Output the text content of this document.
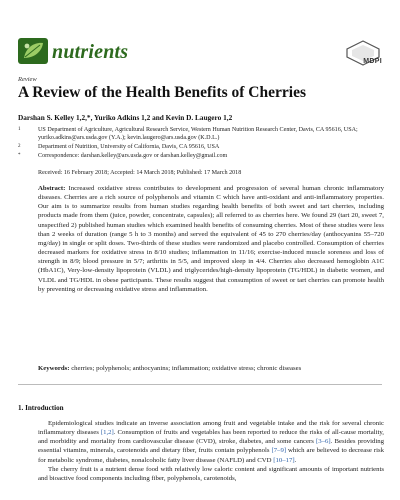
nutrients	MDPI
Review
A Review of the Health Benefits of Cherries
Darshan S. Kelley 1,2,*, Yuriko Adkins 1,2 and Kevin D. Laugero 1,2
1	US Department of Agriculture, Agricultural Research Service, Western Human Nutrition Research Center, Davis, CA 95616, USA; yuriko.adkins@ars.usda.gov (Y.A.); kevin.laugero@ars.usda.gov (K.D.L.)
2	Department of Nutrition, University of California, Davis, CA 95616, USA
*	Correspondence: darshan.kelley@ars.usda.gov or darshan.kelley@gmail.com
Received: 16 February 2018; Accepted: 14 March 2018; Published: 17 March 2018
Abstract: Increased oxidative stress contributes to development and progression of several human chronic inflammatory diseases. Cherries are a rich source of polyphenols and vitamin C which have anti-oxidant and anti-inflammatory properties. Our aim is to summarize results from human studies regarding health benefits of both sweet and tart cherries, including products made from them (juice, powder, concentrate, capsules); all referred to as cherries here. We found 29 (tart 20, sweet 7, unspecified 2) published human studies which examined health benefits of consuming cherries. Most of these studies were less than 2 weeks of duration (range 5 h to 3 months) and served the equivalent of 45 to 270 cherries/day (anthocyanins 55–720 mg/day) in single or split doses. Two-thirds of these studies were randomized and placebo controlled. Consumption of cherries decreased markers for oxidative stress in 8/10 studies; inflammation in 11/16; exercise-induced muscle soreness and loss of strength in 8/9; blood pressure in 5/7; arthritis in 5/5, and improved sleep in 4/4. Cherries also decreased hemoglobin A1C (HbA1C), Very-low-density lipoprotein (VLDL) and triglycerides/high-density lipoprotein (TG/HDL) in diabetic women, and VLDL and TG/HDL in obese participants. These results suggest that consumption of sweet or tart cherries can promote health by preventing or decreasing oxidative stress and inflammation.
Keywords: cherries; polyphenols; anthocyanins; inflammation; oxidative stress; chronic diseases
1. Introduction

Epidemiological studies indicate an inverse association among fruit and vegetable intake and the risk for several chronic inflammatory diseases [1,2]. Consumption of fruits and vegetables has been reported to reduce the risks of all-cause mortality, and morbidity and mortality from cardiovascular disease (CVD), stroke, diabetes, and some cancers [3–6]. Besides providing essential vitamins, minerals, carotenoids and dietary fiber, fruits contain polyphenols [7–9] which are believed to decrease risk for metabolic syndrome, diabetes, nonalcoholic fatty liver disease (NAFLD) and CVD [10–17].

The cherry fruit is a nutrient dense food with relatively low caloric content and significant amounts of important nutrients and bioactive food components including fiber, polyphenols, carotenoids,
